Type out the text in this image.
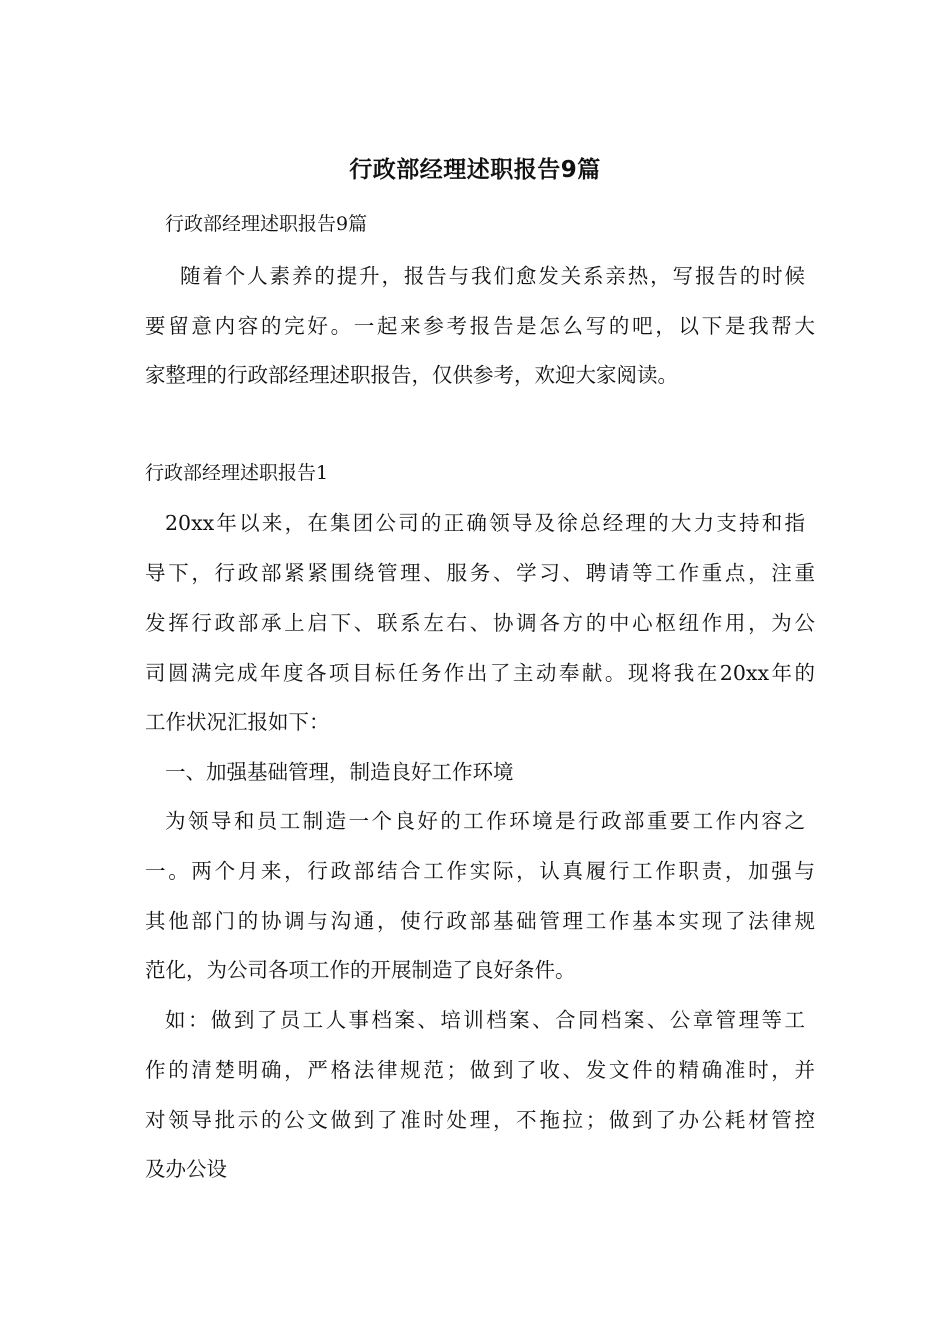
行政部经理述职报告9篇
行政部经理述职报告9篇
随着个人素养的提升，报告与我们愈发关系亲热，写报告的时候
要留意内容的完好。一起来参考报告是怎么写的吧，以下是我帮大
家整理的行政部经理述职报告，仅供参考，欢迎大家阅读。
行政部经理述职报告1
20xx年以来，在集团公司的正确领导及徐总经理的大力支持和指
导下，行政部紧紧围绕管理、服务、学习、聘请等工作重点，注重
发挥行政部承上启下、联系左右、协调各方的中心枢纽作用，为公
司圆满完成年度各项目标任务作出了主动奉献。现将我在20xx年的
工作状况汇报如下：
一、加强基础管理，制造良好工作环境
为领导和员工制造一个良好的工作环境是行政部重要工作内容之
一。两个月来，行政部结合工作实际，认真履行工作职责，加强与
其他部门的协调与沟通，使行政部基础管理工作基本实现了法律规
范化，为公司各项工作的开展制造了良好条件。
如：做到了员工人事档案、培训档案、合同档案、公章管理等工
作的清楚明确，严格法律规范；做到了收、发文件的精确准时，并
对领导批示的公文做到了准时处理，不拖拉；做到了办公耗材管控
及办公设
